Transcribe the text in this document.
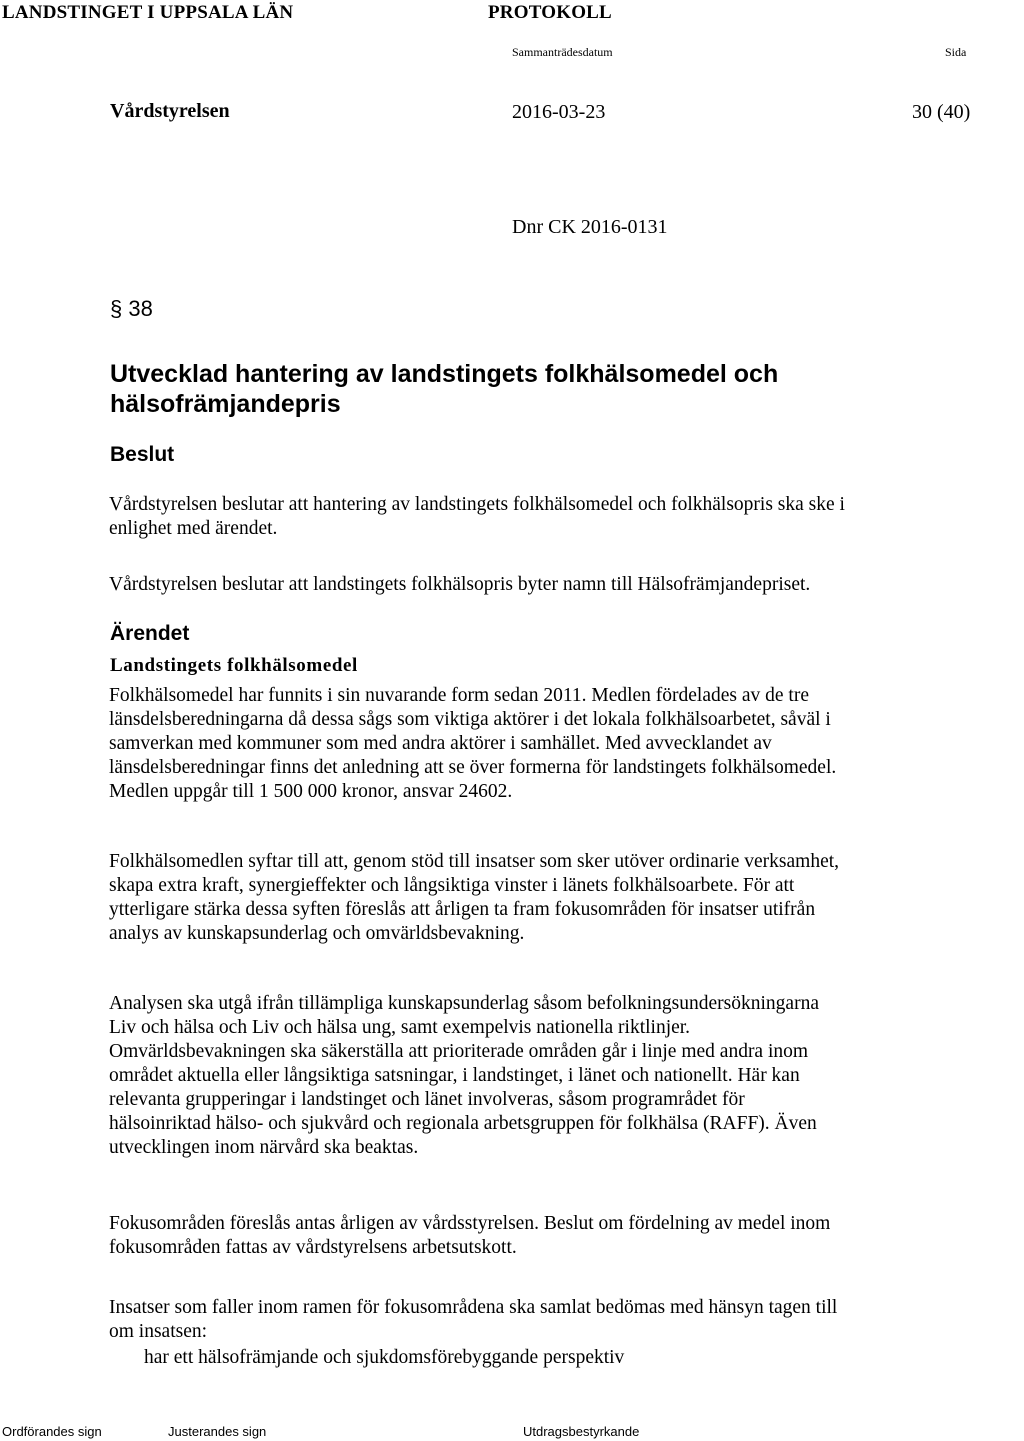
LANDSTINGET I UPPSALA LÄN	PROTOKOLL
Sammanträdesdatum	Sida
Vårdstyrelsen	2016-03-23	30 (40)
Dnr CK 2016-0131
§ 38
Utvecklad hantering av landstingets folkhälsomedel och
hälsofrämjandepris
Beslut
Vårdstyrelsen beslutar att hantering av landstingets folkhälsomedel och folkhälsopris ska ske i
enlighet med ärendet.
Vårdstyrelsen beslutar att landstingets folkhälsopris byter namn till Hälsofrämjandepriset.
Ärendet
Landstingets folkhälsomedel
Folkhälsomedel har funnits i sin nuvarande form sedan 2011. Medlen fördelades av de tre
länsdelsberedningarna då dessa sågs som viktiga aktörer i det lokala folkhälsoarbetet, såväl i
samverkan med kommuner som med andra aktörer i samhället. Med avvecklandet av
länsdelsberedningar finns det anledning att se över formerna för landstingets folkhälsomedel.
Medlen uppgår till 1 500 000 kronor, ansvar 24602.
Folkhälsomedlen syftar till att, genom stöd till insatser som sker utöver ordinarie verksamhet,
skapa extra kraft, synergieffekter och långsiktiga vinster i länets folkhälsoarbete. För att
ytterligare stärka dessa syften föreslås att årligen ta fram fokusområden för insatser utifrån
analys av kunskapsunderlag och omvärldsbevakning.
Analysen ska utgå ifrån tillämpliga kunskapsunderlag såsom befolkningsundersökningarna
Liv och hälsa och Liv och hälsa ung, samt exempelvis nationella riktlinjer.
Omvärldsbevakningen ska säkerställa att prioriterade områden går i linje med andra inom
området aktuella eller långsiktiga satsningar, i landstinget, i länet och nationellt. Här kan
relevanta grupperingar i landstinget och länet involveras, såsom programrådet för
hälsoinriktad hälso- och sjukvård och regionala arbetsgruppen för folkhälsa (RAFF). Även
utvecklingen inom närvård ska beaktas.
Fokusområden föreslås antas årligen av vårdsstyrelsen. Beslut om fördelning av medel inom
fokusområden fattas av vårdstyrelsens arbetsutskott.
Insatser som faller inom ramen för fokusområdena ska samlat bedömas med hänsyn tagen till
om insatsen:
har ett hälsofrämjande och sjukdomsförebyggande perspektiv
Ordförandes sign	Justerandes sign	Utdragsbestyrkande
